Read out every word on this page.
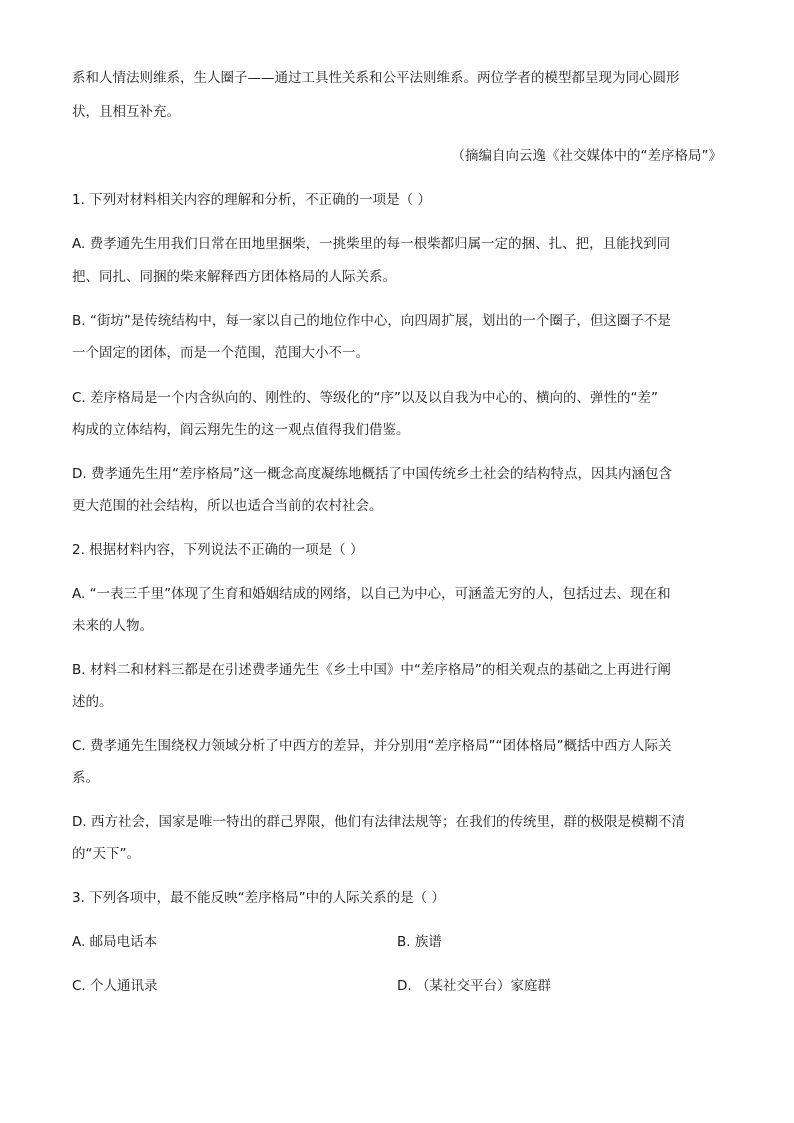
系和人情法则维系，生人圈子——通过工具性关系和公平法则维系。两位学者的模型都呈现为同心圆形
状，且相互补充。
（摘编自向云逸《社交媒体中的“差序格局”》
1. 下列对材料相关内容的理解和分析，不正确的一项是（ ）
A. 费孝通先生用我们日常在田地里捆柴，一挑柴里的每一根柴都归属一定的捆、扎、把，且能找到同
把、同扎、同捆的柴来解释西方团体格局的人际关系。
B. “街坊”是传统结构中，每一家以自己的地位作中心，向四周扩展，划出的一个圈子，但这圈子不是
一个固定的团体，而是一个范围，范围大小不一。
C. 差序格局是一个内含纵向的、刚性的、等级化的“序”以及以自我为中心的、横向的、弹性的“差”
构成的立体结构，阎云翔先生的这一观点值得我们借鉴。
D. 费孝通先生用“差序格局”这一概念高度凝练地概括了中国传统乡土社会的结构特点，因其内涵包含
更大范围的社会结构，所以也适合当前的农村社会。
2. 根据材料内容，下列说法不正确的一项是（ ）
A. “一表三千里”体现了生育和婚姻结成的网络，以自己为中心，可涵盖无穷的人，包括过去、现在和
未来的人物。
B. 材料二和材料三都是在引述费孝通先生《乡土中国》中“差序格局”的相关观点的基础之上再进行阐
述的。
C. 费孝通先生围绕权力领域分析了中西方的差异，并分别用“差序格局”“团体格局”概括中西方人际关
系。
D. 西方社会，国家是唯一特出的群己界限，他们有法律法规等；在我们的传统里，群的极限是模糊不清
的“天下”。
3. 下列各项中，最不能反映“差序格局”中的人际关系的是（ ）
A. 邮局电话本	B. 族谱
C. 个人通讯录	D. （某社交平台）家庭群
